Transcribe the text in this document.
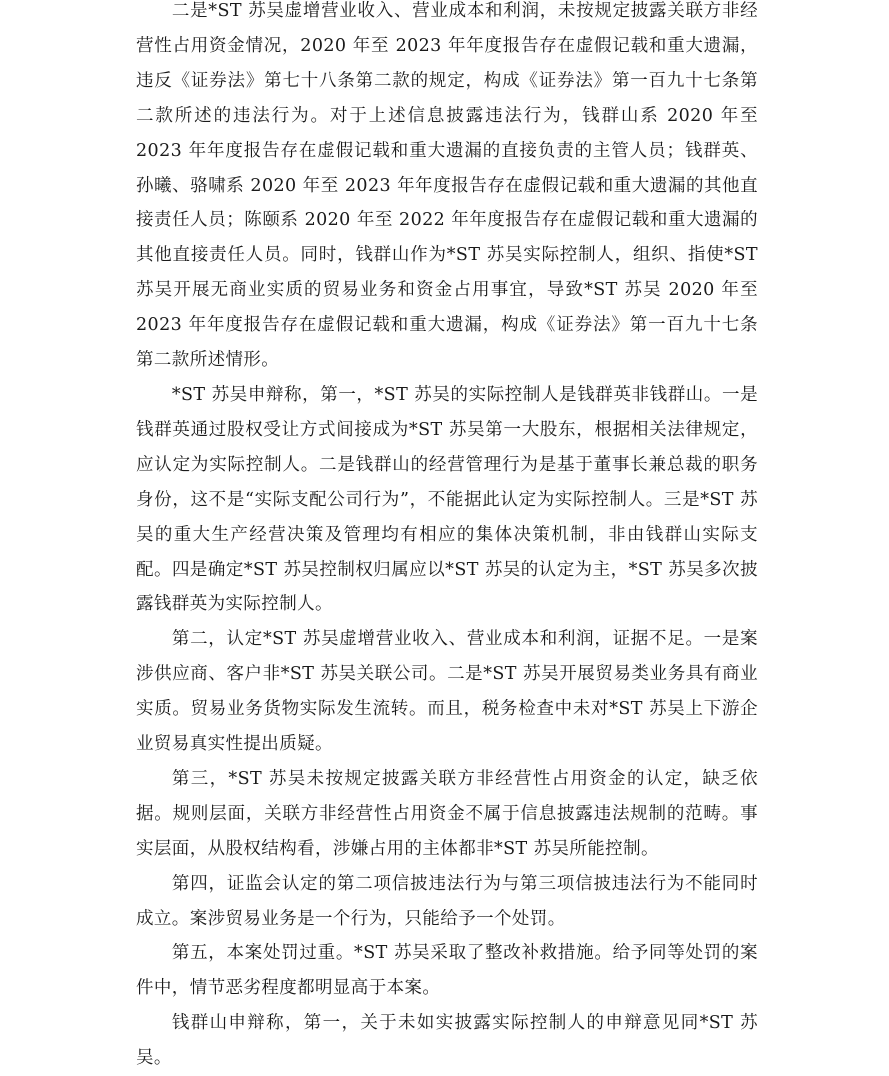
二是*ST 苏吴虚增营业收入、营业成本和利润，未按规定披露关联方非经营性占用资金情况，2020 年至 2023 年年度报告存在虚假记载和重大遗漏，违反《证券法》第七十八条第二款的规定，构成《证券法》第一百九十七条第二款所述的违法行为。对于上述信息披露违法行为，钱群山系 2020 年至 2023 年年度报告存在虚假记载和重大遗漏的直接负责的主管人员；钱群英、孙曦、骆啸系 2020 年至 2023 年年度报告存在虚假记载和重大遗漏的其他直接责任人员；陈颐系 2020 年至 2022 年年度报告存在虚假记载和重大遗漏的其他直接责任人员。同时，钱群山作为*ST 苏吴实际控制人，组织、指使*ST 苏吴开展无商业实质的贸易业务和资金占用事宜，导致*ST 苏吴 2020 年至 2023 年年度报告存在虚假记载和重大遗漏，构成《证券法》第一百九十七条第二款所述情形。

*ST 苏吴申辩称，第一，*ST 苏吴的实际控制人是钱群英非钱群山。一是钱群英通过股权受让方式间接成为*ST 苏吴第一大股东，根据相关法律规定，应认定为实际控制人。二是钱群山的经营管理行为是基于董事长兼总裁的职务身份，这不是“实际支配公司行为”，不能据此认定为实际控制人。三是*ST 苏吴的重大生产经营决策及管理均有相应的集体决策机制，非由钱群山实际支配。四是确定*ST 苏吴控制权归属应以*ST 苏吴的认定为主，*ST 苏吴多次披露钱群英为实际控制人。

第二，认定*ST 苏吴虚增营业收入、营业成本和利润，证据不足。一是案涉供应商、客户非*ST 苏吴关联公司。二是*ST 苏吴开展贸易类业务具有商业实质。贸易业务货物实际发生流转。而且，税务检查中未对*ST 苏吴上下游企业贸易真实性提出质疑。

第三，*ST 苏吴未按规定披露关联方非经营性占用资金的认定，缺乏依据。规则层面，关联方非经营性占用资金不属于信息披露违法规制的范畴。事实层面，从股权结构看，涉嫌占用的主体都非*ST 苏吴所能控制。

第四，证监会认定的第二项信披违法行为与第三项信披违法行为不能同时成立。案涉贸易业务是一个行为，只能给予一个处罚。

第五，本案处罚过重。*ST 苏吴采取了整改补救措施。给予同等处罚的案件中，情节恶劣程度都明显高于本案。

钱群山申辩称，第一，关于未如实披露实际控制人的申辩意见同*ST 苏吴。
